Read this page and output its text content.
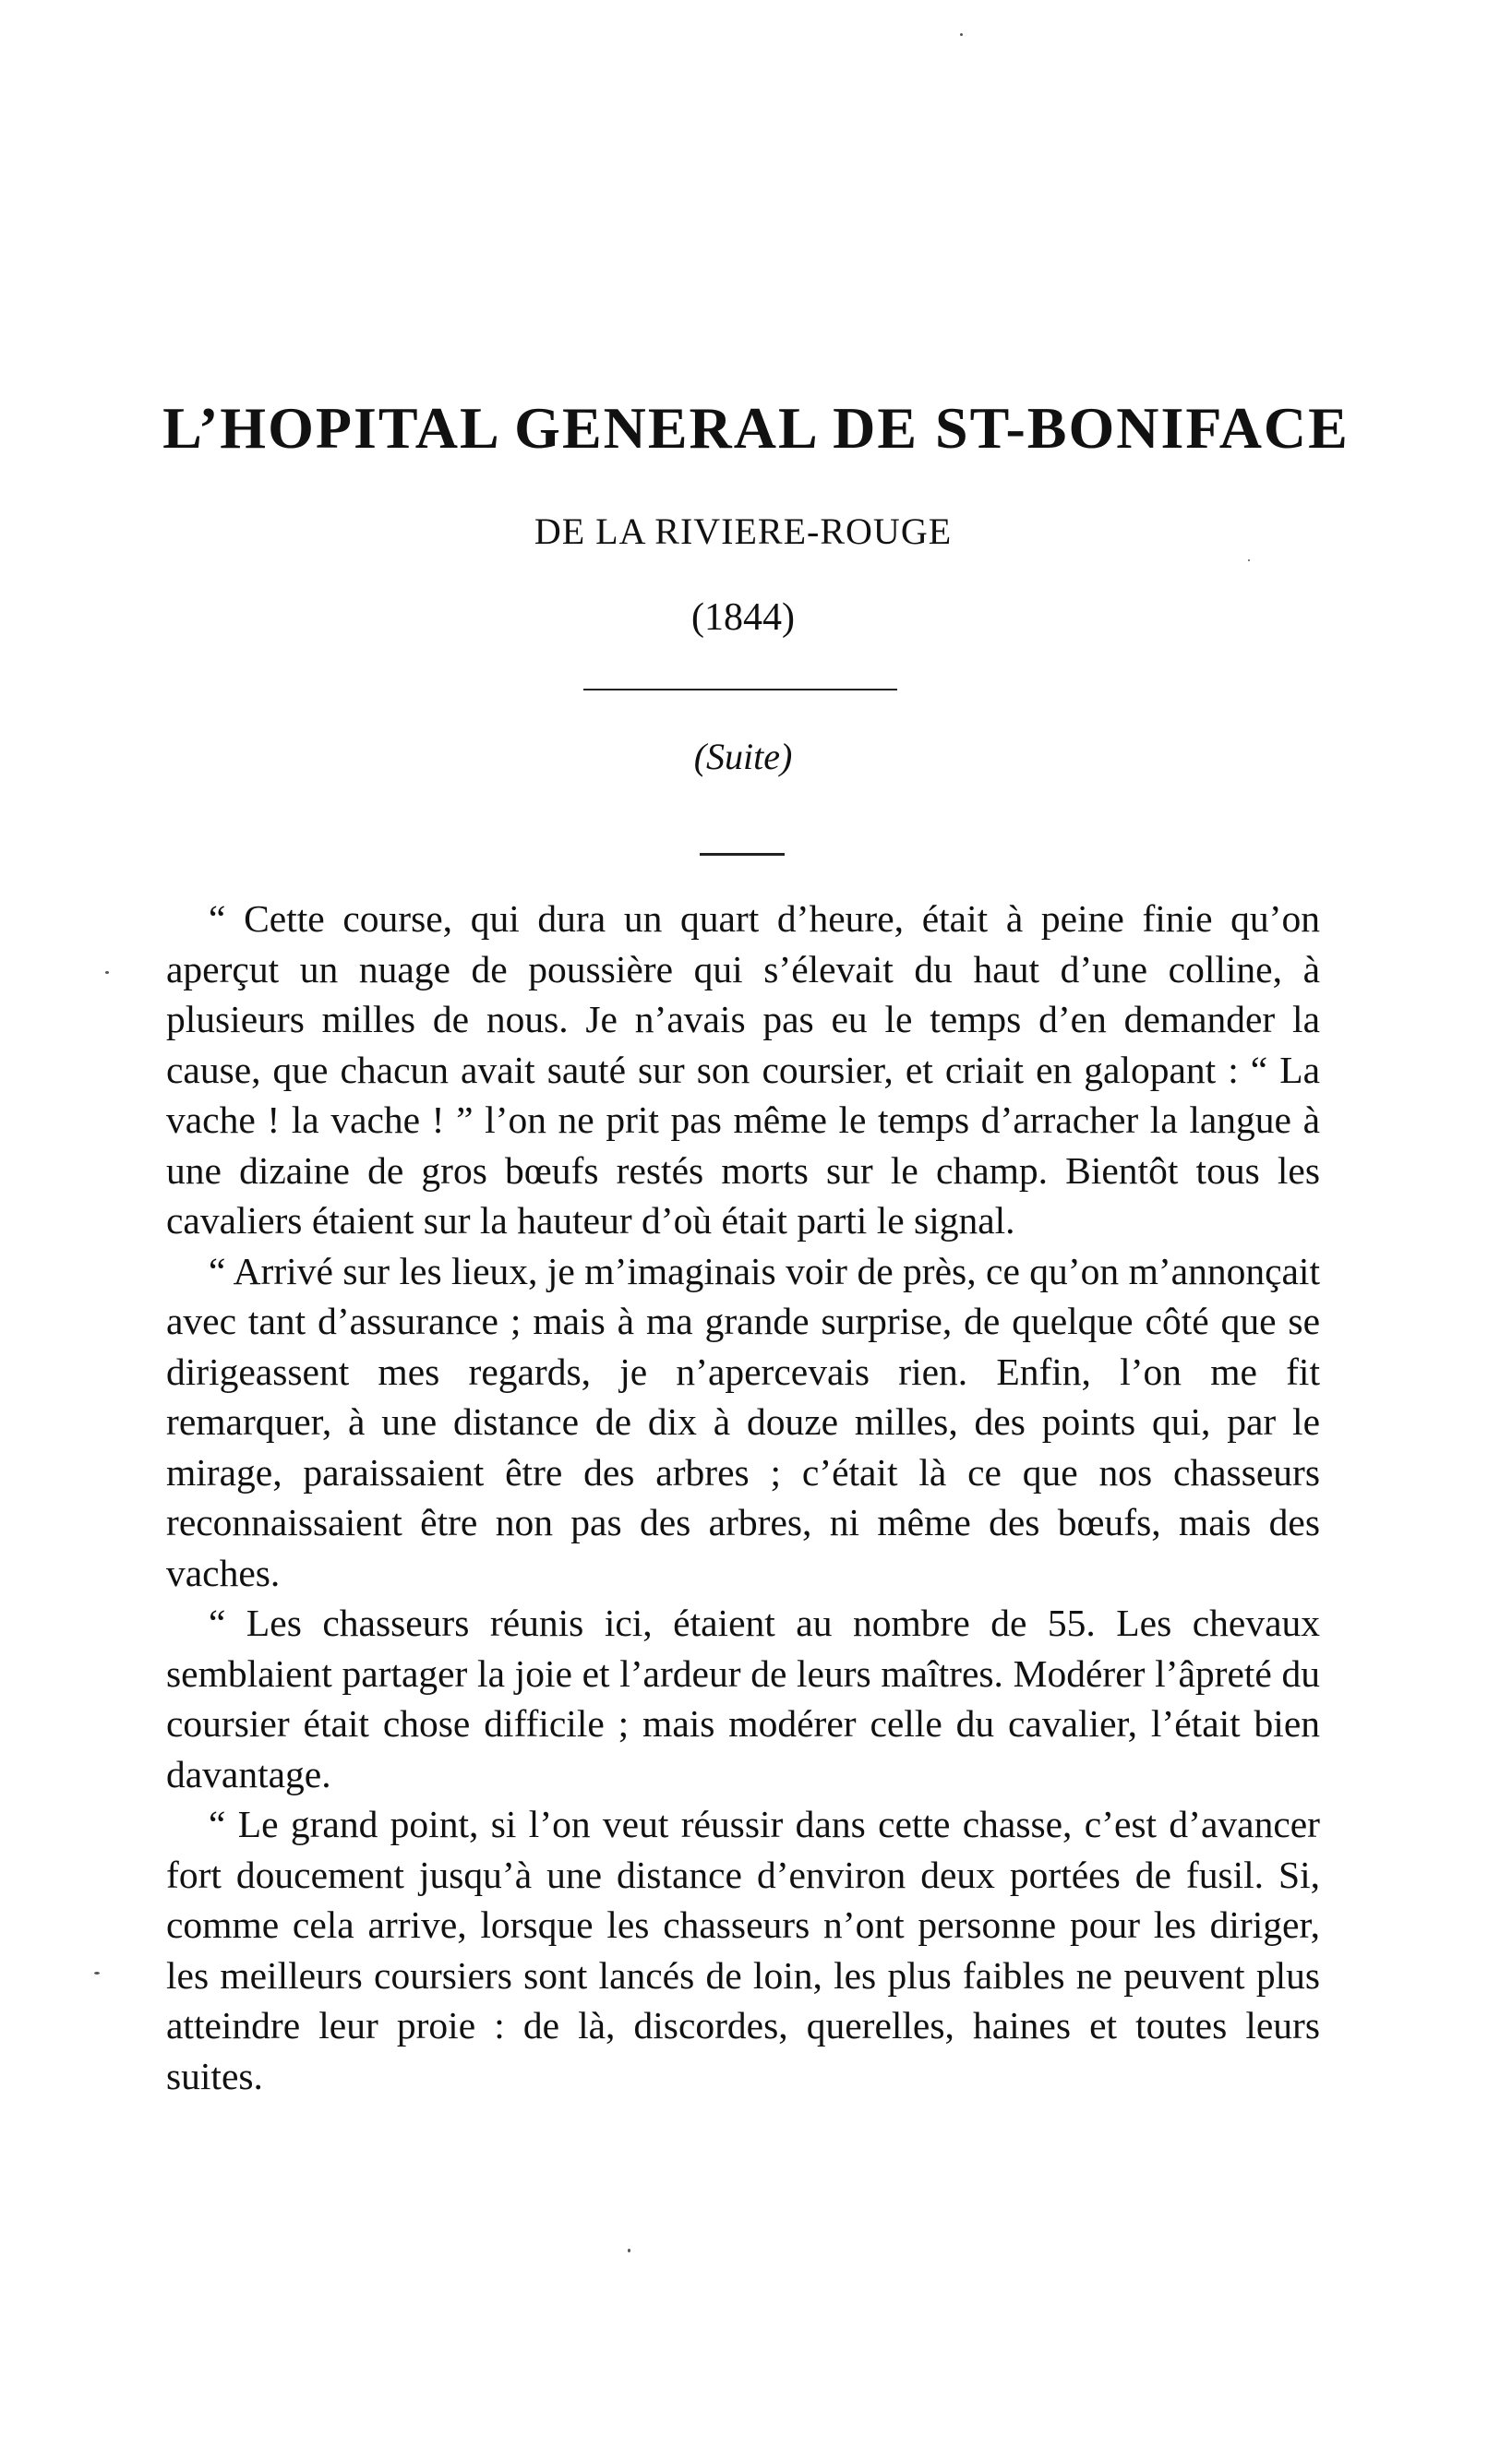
L’HOPITAL GENERAL DE ST-BONIFACE
DE LA RIVIERE-ROUGE
(1844)
(Suite)

“ Cette course, qui dura un quart d’heure, était à peine finie qu’on aperçut un nuage de poussière qui s’élevait du haut d’une colline, à plusieurs milles de nous. Je n’avais pas eu le temps d’en demander la cause, que chacun avait sauté sur son coursier, et criait en galopant : “ La vache ! la vache ! ” l’on ne prit pas même le temps d’arracher la langue à une dizaine de gros bœufs restés morts sur le champ. Bientôt tous les cavaliers étaient sur la hauteur d’où était parti le signal.

“ Arrivé sur les lieux, je m’imaginais voir de près, ce qu’on m’annonçait avec tant d’assurance ; mais à ma grande surprise, de quelque côté que se dirigeassent mes regards, je n’apercevais rien. Enfin, l’on me fit remarquer, à une distance de dix à douze milles, des points qui, par le mirage, paraissaient être des arbres ; c’était là ce que nos chasseurs reconnaissaient être non pas des arbres, ni même des bœufs, mais des vaches.

“ Les chasseurs réunis ici, étaient au nombre de 55. Les chevaux semblaient partager la joie et l’ardeur de leurs maîtres. Modérer l’âpreté du coursier était chose difficile ; mais modérer celle du cavalier, l’était bien davantage.

“ Le grand point, si l’on veut réussir dans cette chasse, c’est d’avancer fort doucement jusqu’à une distance d’environ deux portées de fusil. Si, comme cela arrive, lorsque les chasseurs n’ont personne pour les diriger, les meilleurs coursiers sont lancés de loin, les plus faibles ne peuvent plus atteindre leur proie : de là, discordes, querelles, haines et toutes leurs suites.
